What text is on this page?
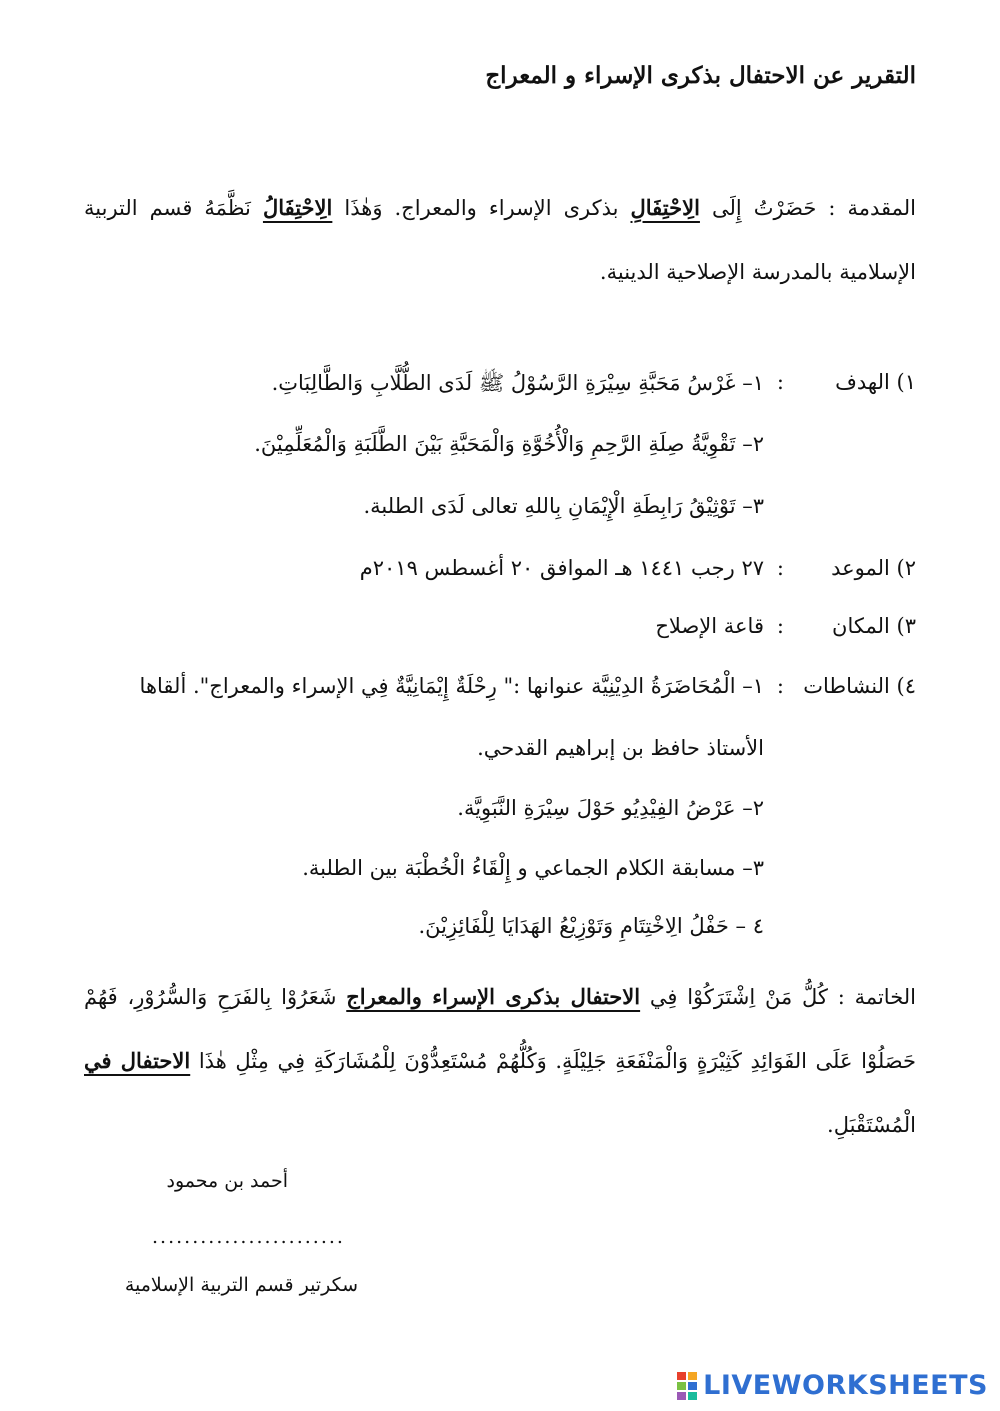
التقرير عن الاحتفال بذكرى الإسراء و المعراج
المقدمة : حَضَرْتُ إِلَى الِاحْتِفَالِ بذكرى الإسراء والمعراج. وَهٰذَا الِاحْتِفَالُ نَظَّمَهُ قسم التربية الإسلامية بالمدرسة الإصلاحية الدينية.
١) الهدف
:
١– غَرْسُ مَحَبَّةِ سِيْرَةِ الرَّسُوْلُ ﷺ لَدَى الطُّلَّابِ وَالطَّالِبَاتِ.
٢– تَقْوِيَّةُ صِلَةِ الرَّحِمِ وَالْأُخُوَّةِ وَالْمَحَبَّةِ بَيْنَ الطَّلَبَةِ وَالْمُعَلِّمِيْنَ.
٣– تَوْثِيْقُ رَابِطَةِ الْإِيْمَانِ بِاللهِ تعالى لَدَى الطلبة.
٢) الموعد
:
٢٧ رجب ١٤٤١ هـ الموافق ٢٠ أغسطس ٢٠١٩م
٣) المكان
:
قاعة الإصلاح
٤) النشاطات
:
١– الْمُحَاضَرَةُ الدِيْنِيَّة عنوانها :" رِحْلَةٌ إِيْمَانِيَّةٌ فِي الإسراء والمعراج". ألقاها
الأستاذ حافظ بن إبراهيم القدحي.
٢– عَرْضُ الفِيْدِيُو حَوْلَ سِيْرَةِ النَّبَوِيَّة.
٣– مسابقة الكلام الجماعي و إِلْقَاءُ الْخُطْبَة بين الطلبة.
٤ – حَفْلُ الِاخْتِتَامِ وَتَوْزِيْعُ الهَدَايَا لِلْفَائِزِيْنَ.
الخاتمة : كُلُّ مَنْ اِشْتَرَكُوْا فِي الاحتفال بذكرى الإسراء والمعراج شَعَرُوْا بِالفَرَحِ وَالسُّرُوْرِ، فَهُمْ حَصَلُوْا عَلَى الفَوَائِدِ كَثِيْرَةٍ وَالْمَنْفَعَةِ جَلِيْلَةٍ. وَكُلُّهُمْ مُسْتَعِدُّوْنَ لِلْمُشَارَكَةِ فِي مِثْلِ هٰذَا الاحتفال في الْمُسْتَقْبَلِ.
أحمد بن محمود
........................
سكرتير قسم التربية الإسلامية
LIVEWORKSHEETS
